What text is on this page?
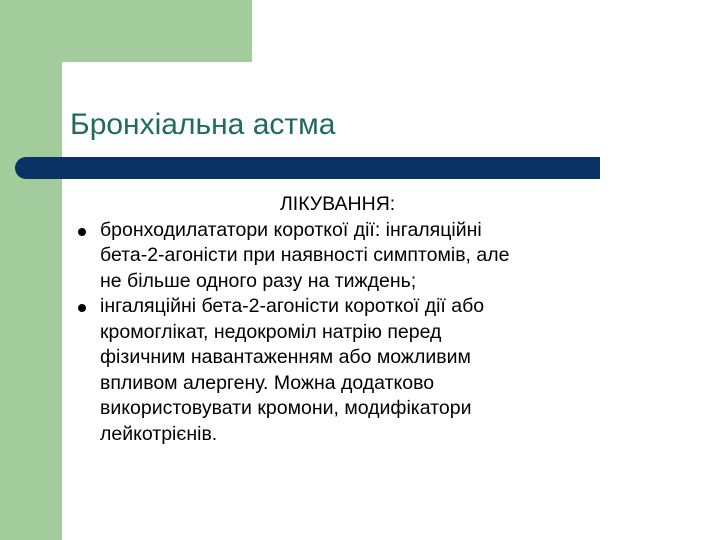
Бронхіальна астма
ЛІКУВАННЯ:
бронходилататори короткої дії: інгаляційні
бета-2-агоністи при наявності симптомів, але
не більше одного разу на тиждень;
інгаляційні бета-2-агоністи короткої дії або
кромоглікат, недокроміл натрію перед
фізичним навантаженням або можливим
впливом алергену. Можна додатково
використовувати кромони, модифікатори
лейкотрієнів.
